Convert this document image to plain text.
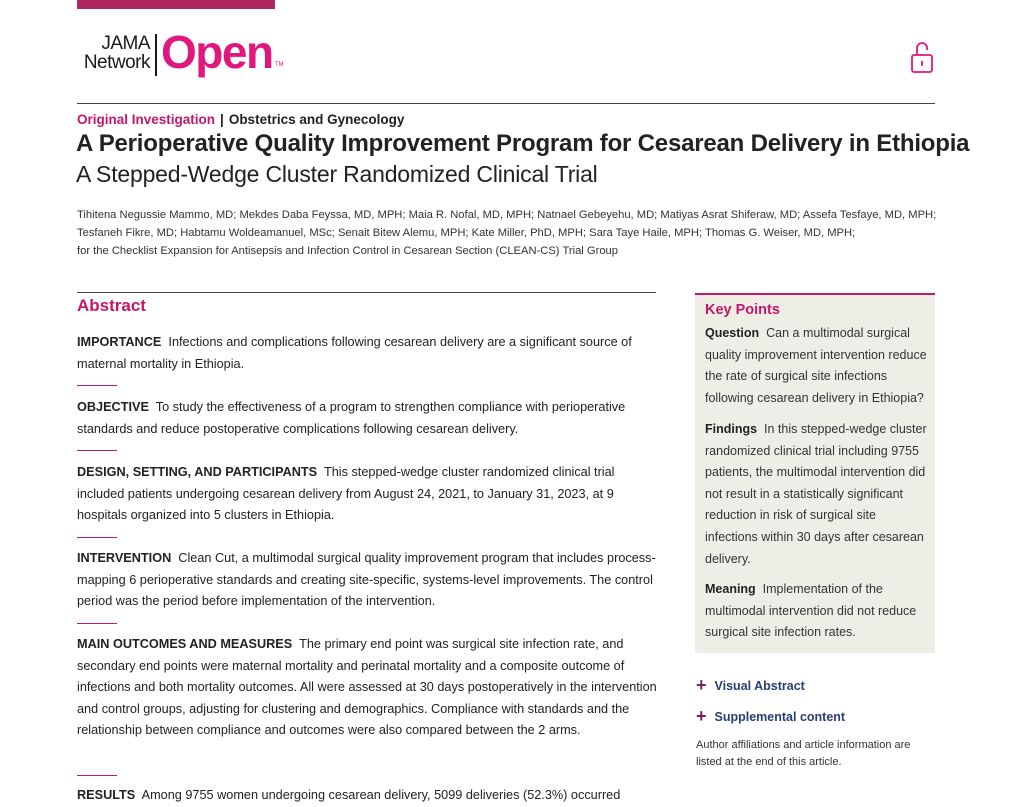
JAMA
Network Open TM
Original Investigation | Obstetrics and Gynecology
A Perioperative Quality Improvement Program for Cesarean Delivery in Ethiopia
A Stepped-Wedge Cluster Randomized Clinical Trial
Tihitena Negussie Mammo, MD; Mekdes Daba Feyssa, MD, MPH; Maia R. Nofal, MD, MPH; Natnael Gebeyehu, MD; Matiyas Asrat Shiferaw, MD; Assefa Tesfaye, MD, MPH;
Tesfaneh Fikre, MD; Habtamu Woldeamanuel, MSc; Senait Bitew Alemu, MPH; Kate Miller, PhD, MPH; Sara Taye Haile, MPH; Thomas G. Weiser, MD, MPH;
for the Checklist Expansion for Antisepsis and Infection Control in Cesarean Section (CLEAN-CS) Trial Group
Abstract
IMPORTANCE Infections and complications following cesarean delivery are a significant source of maternal mortality in Ethiopia.
OBJECTIVE To study the effectiveness of a program to strengthen compliance with perioperative standards and reduce postoperative complications following cesarean delivery.
DESIGN, SETTING, AND PARTICIPANTS This stepped-wedge cluster randomized clinical trial included patients undergoing cesarean delivery from August 24, 2021, to January 31, 2023, at 9 hospitals organized into 5 clusters in Ethiopia.
INTERVENTION Clean Cut, a multimodal surgical quality improvement program that includes process-mapping 6 perioperative standards and creating site-specific, systems-level improvements. The control period was the period before implementation of the intervention.
MAIN OUTCOMES AND MEASURES The primary end point was surgical site infection rate, and secondary end points were maternal mortality and perinatal mortality and a composite outcome of infections and both mortality outcomes. All were assessed at 30 days postoperatively in the intervention and control groups, adjusting for clustering and demographics. Compliance with standards and the relationship between compliance and outcomes were also compared between the 2 arms.
RESULTS Among 9755 women undergoing cesarean delivery, 5099 deliveries (52.3%) occurred
Key Points
Question Can a multimodal surgical quality improvement intervention reduce the rate of surgical site infections following cesarean delivery in Ethiopia?
Findings In this stepped-wedge cluster randomized clinical trial including 9755 patients, the multimodal intervention did not result in a statistically significant reduction in risk of surgical site infections within 30 days after cesarean delivery.
Meaning Implementation of the multimodal intervention did not reduce surgical site infection rates.
+ Visual Abstract
+ Supplemental content
Author affiliations and article information are listed at the end of this article.
